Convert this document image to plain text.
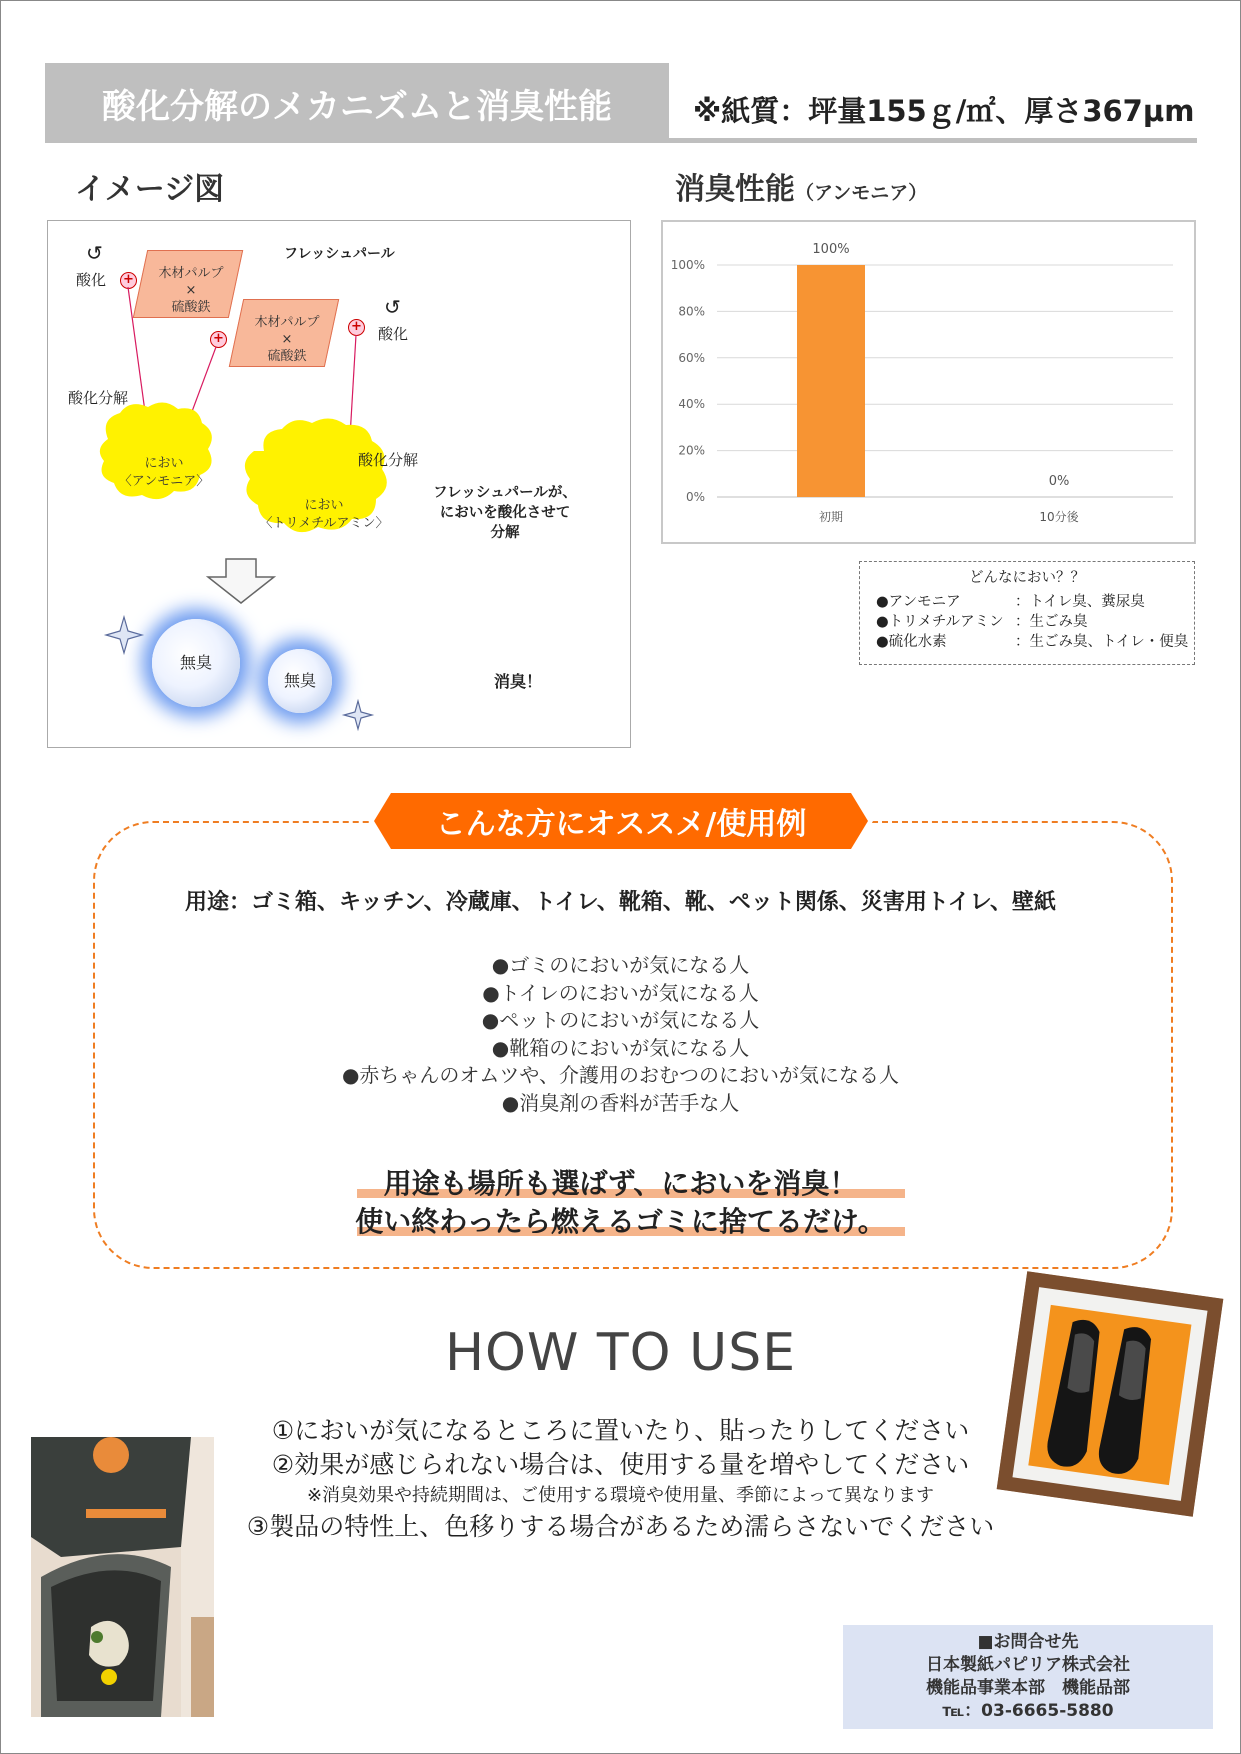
酸化分解のメカニズムと消臭性能	※紙質：坪量155ｇ/㎡、厚さ367μm
イメージ図	消臭性能（アンモニア）
フレッシュパール
↺
酸化
↺
酸化
木材パルプ
×
硫酸鉄
木材パルプ
×
硫酸鉄
+
+
+
酸化分解
酸化分解
におい
〈アンモニア〉
におい
〈トリメチルアミン〉
フレッシュパールが、
においを酸化させて
分解
無臭
無臭	消臭！
0%
20%
40%
60%
80%
100%
100%
初期
0%
10分後
どんなにおい？？
●アンモニア	：トイレ臭、糞尿臭
●トリメチルアミン ：生ごみ臭
●硫化水素	：生ごみ臭、トイレ・便臭
こんな方にオススメ/使用例
用途：ゴミ箱、キッチン、冷蔵庫、トイレ、靴箱、靴、ペット関係、災害用トイレ、壁紙
●ゴミのにおいが気になる人
●トイレのにおいが気になる人
●ペットのにおいが気になる人
●靴箱のにおいが気になる人
●赤ちゃんのオムツや、介護用のおむつのにおいが気になる人
●消臭剤の香料が苦手な人
用途も場所も選ばず、においを消臭！
使い終わったら燃えるゴミに捨てるだけ。
HOW TO USE
①においが気になるところに置いたり、貼ったりしてください
②効果が感じられない場合は、使用する量を増やしてください
※消臭効果や持続期間は、ご使用する環境や使用量、季節によって異なります
③製品の特性上、色移りする場合があるため濡らさないでください
■お問合せ先
日本製紙パピリア株式会社
機能品事業本部　機能品部
℡：03-6665-5880
